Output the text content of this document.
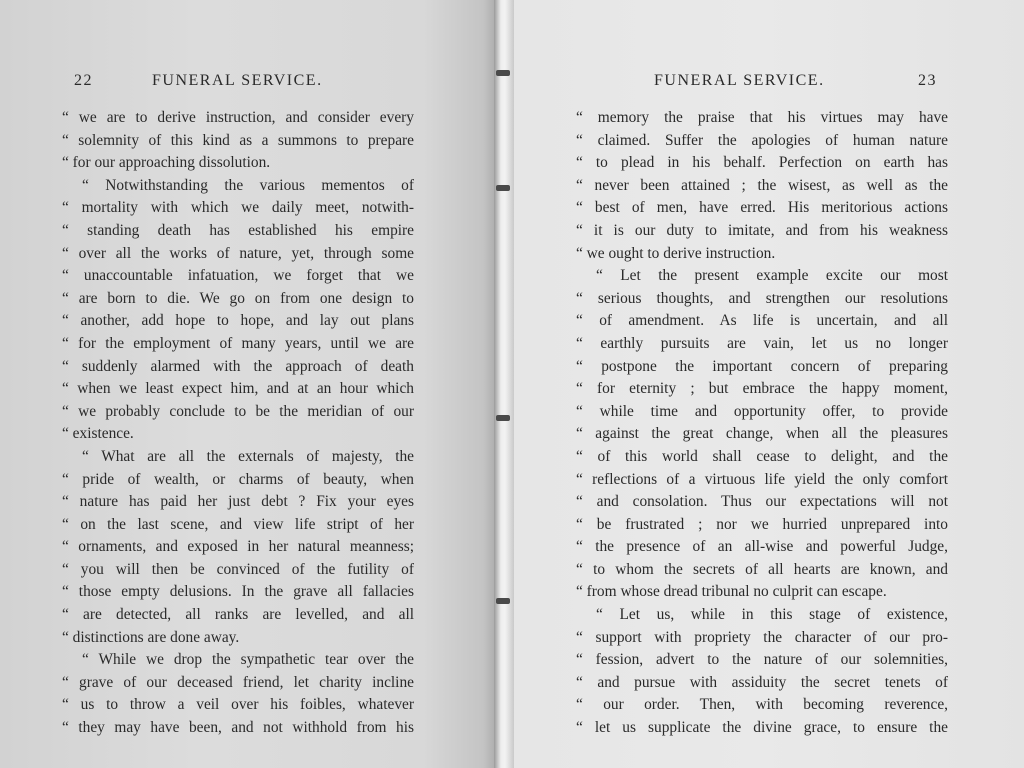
22	FUNERAL SERVICE.
“ we are to derive instruction, and consider every
“ solemnity of this kind as a summons to prepare
“ for our approaching dissolution.
“ Notwithstanding the various mementos of
“ mortality with which we daily meet, notwith-
“ standing death has established his empire
“ over all the works of nature, yet, through some
“ unaccountable infatuation, we forget that we
“ are born to die. We go on from one design to
“ another, add hope to hope, and lay out plans
“ for the employment of many years, until we are
“ suddenly alarmed with the approach of death
“ when we least expect him, and at an hour which
“ we probably conclude to be the meridian of our
“ existence.
“ What are all the externals of majesty, the
“ pride of wealth, or charms of beauty, when
“ nature has paid her just debt ? Fix your eyes
“ on the last scene, and view life stript of her
“ ornaments, and exposed in her natural meanness;
“ you will then be convinced of the futility of
“ those empty delusions. In the grave all fallacies
“ are detected, all ranks are levelled, and all
“ distinctions are done away.
“ While we drop the sympathetic tear over the
“ grave of our deceased friend, let charity incline
“ us to throw a veil over his foibles, whatever
“ they may have been, and not withhold from his
FUNERAL SERVICE.	23
“ memory the praise that his virtues may have
“ claimed. Suffer the apologies of human nature
“ to plead in his behalf. Perfection on earth has
“ never been attained ; the wisest, as well as the
“ best of men, have erred. His meritorious actions
“ it is our duty to imitate, and from his weakness
“ we ought to derive instruction.
“ Let the present example excite our most
“ serious thoughts, and strengthen our resolutions
“ of amendment. As life is uncertain, and all
“ earthly pursuits are vain, let us no longer
“ postpone the important concern of preparing
“ for eternity ; but embrace the happy moment,
“ while time and opportunity offer, to provide
“ against the great change, when all the pleasures
“ of this world shall cease to delight, and the
“ reflections of a virtuous life yield the only comfort
“ and consolation. Thus our expectations will not
“ be frustrated ; nor we hurried unprepared into
“ the presence of an all-wise and powerful Judge,
“ to whom the secrets of all hearts are known, and
“ from whose dread tribunal no culprit can escape.
“ Let us, while in this stage of existence,
“ support with propriety the character of our pro-
“ fession, advert to the nature of our solemnities,
“ and pursue with assiduity the secret tenets of
“ our order. Then, with becoming reverence,
“ let us supplicate the divine grace, to ensure the
